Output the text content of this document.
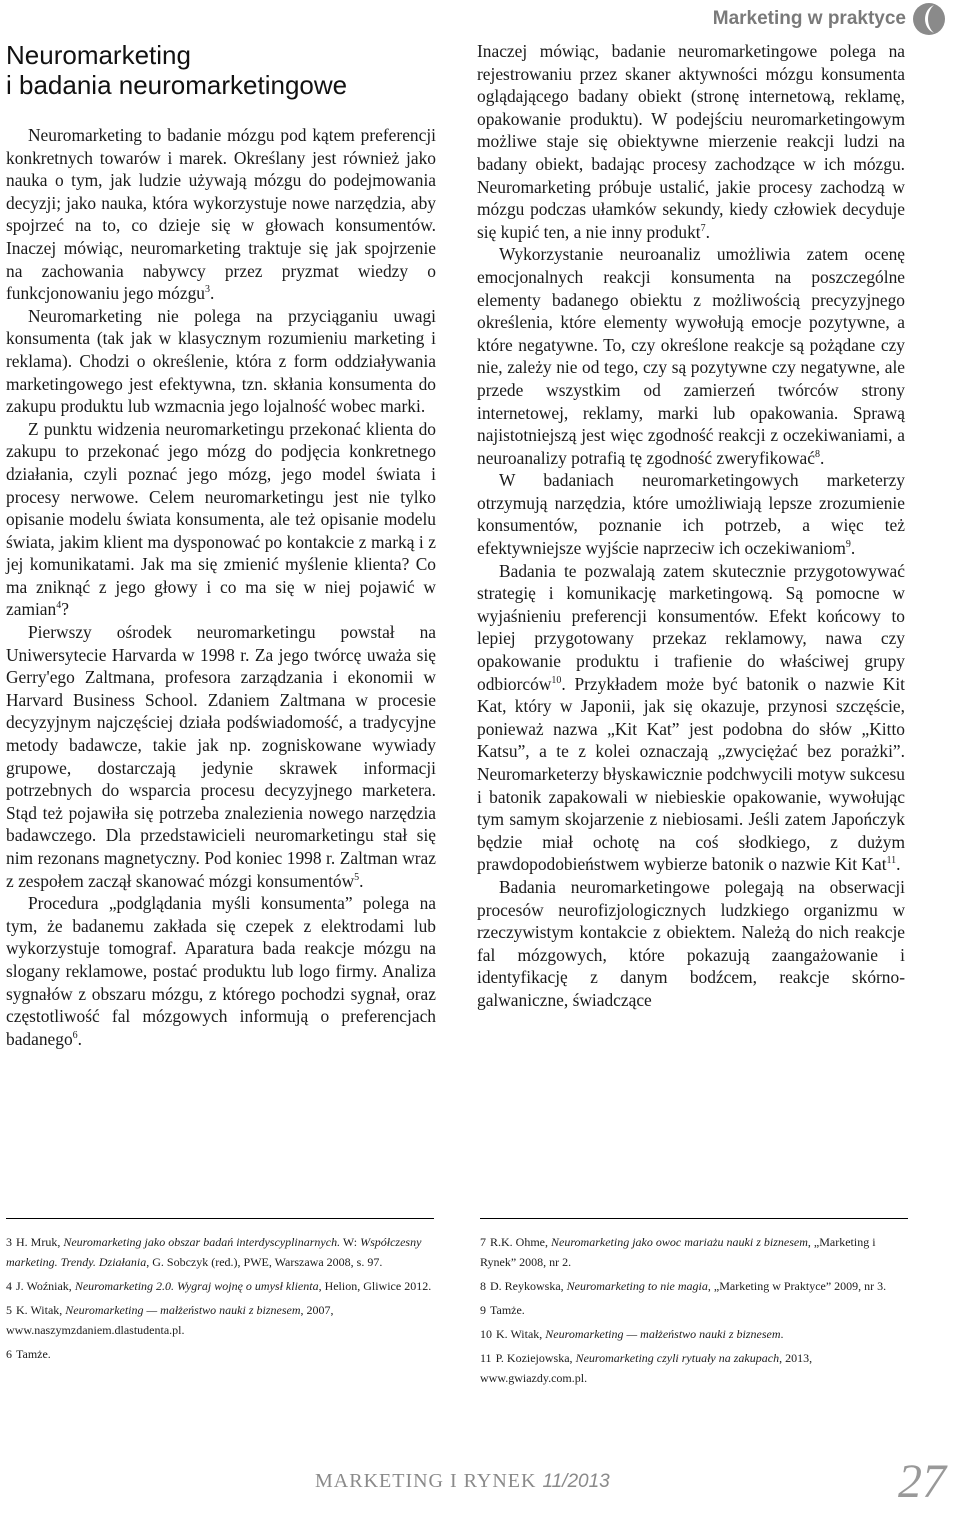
Marketing w praktyce
Neuromarketing
i badania neuromarketingowe

Neuromarketing to badanie mózgu pod kątem preferencji konkretnych towarów i marek. Określany jest również jako nauka o tym, jak ludzie używają mózgu do podejmowania decyzji; jako nauka, która wykorzystuje nowe narzędzia, aby spojrzeć na to, co dzieje się w głowach konsumentów. Inaczej mówiąc, neuromarketing traktuje się jak spojrzenie na zachowania nabywcy przez pryzmat wiedzy o funkcjonowaniu jego mózgu$^3$.

Neuromarketing nie polega na przyciąganiu uwagi konsumenta (tak jak w klasycznym rozumieniu marketing i reklama). Chodzi o określenie, która z form oddziaływania marketingowego jest efektywna, tzn. skłania konsumenta do zakupu produktu lub wzmacnia jego lojalność wobec marki.

Z punktu widzenia neuromarketingu przekonać klienta do zakupu to przekonać jego mózg do podjęcia konkretnego działania, czyli poznać jego mózg, jego model świata i procesy nerwowe. Celem neuromarketingu jest nie tylko opisanie modelu świata konsumenta, ale też opisanie modelu świata, jakim klient ma dysponować po kontakcie z marką i z jej komunikatami. Jak ma się zmienić myślenie klienta? Co ma zniknąć z jego głowy i co ma się w niej pojawić w zamian$^4$?

Pierwszy ośrodek neuromarketingu powstał na Uniwersytecie Harvarda w 1998 r. Za jego twórcę uważa się Gerry'ego Zaltmana, profesora zarządzania i ekonomii w Harvard Business School. Zdaniem Zaltmana w procesie decyzyjnym najczęściej działa podświadomość, a tradycyjne metody badawcze, takie jak np. zogniskowane wywiady grupowe, dostarczają jedynie skrawek informacji potrzebnych do wsparcia procesu decyzyjnego marketera. Stąd też pojawiła się potrzeba znalezienia nowego narzędzia badawczego. Dla przedstawicieli neuromarketingu stał się nim rezonans magnetyczny. Pod koniec 1998 r. Zaltman wraz z zespołem zaczął skanować mózgi konsumentów$^5$.

Procedura „podglądania myśli konsumenta” polega na tym, że badanemu zakłada się czepek z elektrodami lub wykorzystuje tomograf. Aparatura bada reakcje mózgu na slogany reklamowe, postać produktu lub logo firmy. Analiza sygnałów z obszaru mózgu, z którego pochodzi sygnał, oraz częstotliwość fal mózgowych informują o preferencjach badanego$^6$.

Inaczej mówiąc, badanie neuromarketingowe polega na rejestrowaniu przez skaner aktywności mózgu konsumenta oglądającego badany obiekt (stronę internetową, reklamę, opakowanie produktu). W podejściu neuromarketingowym możliwe staje się obiektywne mierzenie reakcji ludzi na badany obiekt, badając procesy zachodzące w ich mózgu. Neuromarketing próbuje ustalić, jakie procesy zachodzą w mózgu podczas ułamków sekundy, kiedy człowiek decyduje się kupić ten, a nie inny produkt$^7$.

Wykorzystanie neuroanaliz umożliwia zatem ocenę emocjonalnych reakcji konsumenta na poszczególne elementy badanego obiektu z możliwością precyzyjnego określenia, które elementy wywołują emocje pozytywne, a które negatywne. To, czy określone reakcje są pożądane czy nie, zależy nie od tego, czy są pozytywne czy negatywne, ale przede wszystkim od zamierzeń twórców strony internetowej, reklamy, marki lub opakowania. Sprawą najistotniejszą jest więc zgodność reakcji z oczekiwaniami, a neuroanalizy potrafią tę zgodność zweryfikować$^8$.

W badaniach neuromarketingowych marketerzy otrzymują narzędzia, które umożliwiają lepsze zrozumienie konsumentów, poznanie ich potrzeb, a więc też efektywniejsze wyjście naprzeciw ich oczekiwaniom$^9$.

Badania te pozwalają zatem skutecznie przygotowywać strategię i komunikację marketingową. Są pomocne w wyjaśnieniu preferencji konsumentów. Efekt końcowy to lepiej przygotowany przekaz reklamowy, nawa czy opakowanie produktu i trafienie do właściwej grupy odbiorców$^{10}$. Przykładem może być batonik o nazwie Kit Kat, który w Japonii, jak się okazuje, przynosi szczęście, ponieważ nazwa „Kit Kat” jest podobna do słów „Kitto Katsu”, a te z kolei oznaczają „zwyciężać bez porażki”. Neuromarketerzy błyskawicznie podchwycili motyw sukcesu i batonik zapakowali w niebieskie opakowanie, wywołując tym samym skojarzenie z niebiosami. Jeśli zatem Japończyk będzie miał ochotę na coś słodkiego, z dużym prawdopodobieństwem wybierze batonik o nazwie Kit Kat$^{11}$.

Badania neuromarketingowe polegają na obserwacji procesów neurofizjologicznych ludzkiego organizmu w rzeczywistym kontakcie z obiektem. Należą do nich reakcje fal mózgowych, które pokazują zaangażowanie i identyfikację z danym bodźcem, reakcje skórno-galwaniczne, świadczące

3 H. Mruk, Neuromarketing jako obszar badań interdyscyplinarnych. W: Współczesny marketing. Trendy. Działania, G. Sobczyk (red.), PWE, Warszawa 2008, s. 97.
4 J. Woźniak, Neuromarketing 2.0. Wygraj wojnę o umysł klienta, Helion, Gliwice 2012.
5 K. Witak, Neuromarketing — małżeństwo nauki z biznesem, 2007, www.naszymzdaniem.dlastudenta.pl.
6 Tamże.
7 R.K. Ohme, Neuromarketing jako owoc mariażu nauki z biznesem, „Marketing i Rynek” 2008, nr 2.
8 D. Reykowska, Neuromarketing to nie magia, „Marketing w Praktyce” 2009, nr 3.
9 Tamże.
10 K. Witak, Neuromarketing — małżeństwo nauki z biznesem.
11 P. Koziejowska, Neuromarketing czyli rytuały na zakupach, 2013, www.gwiazdy.com.pl.
MARKETING I RYNEK 11/2013	27
